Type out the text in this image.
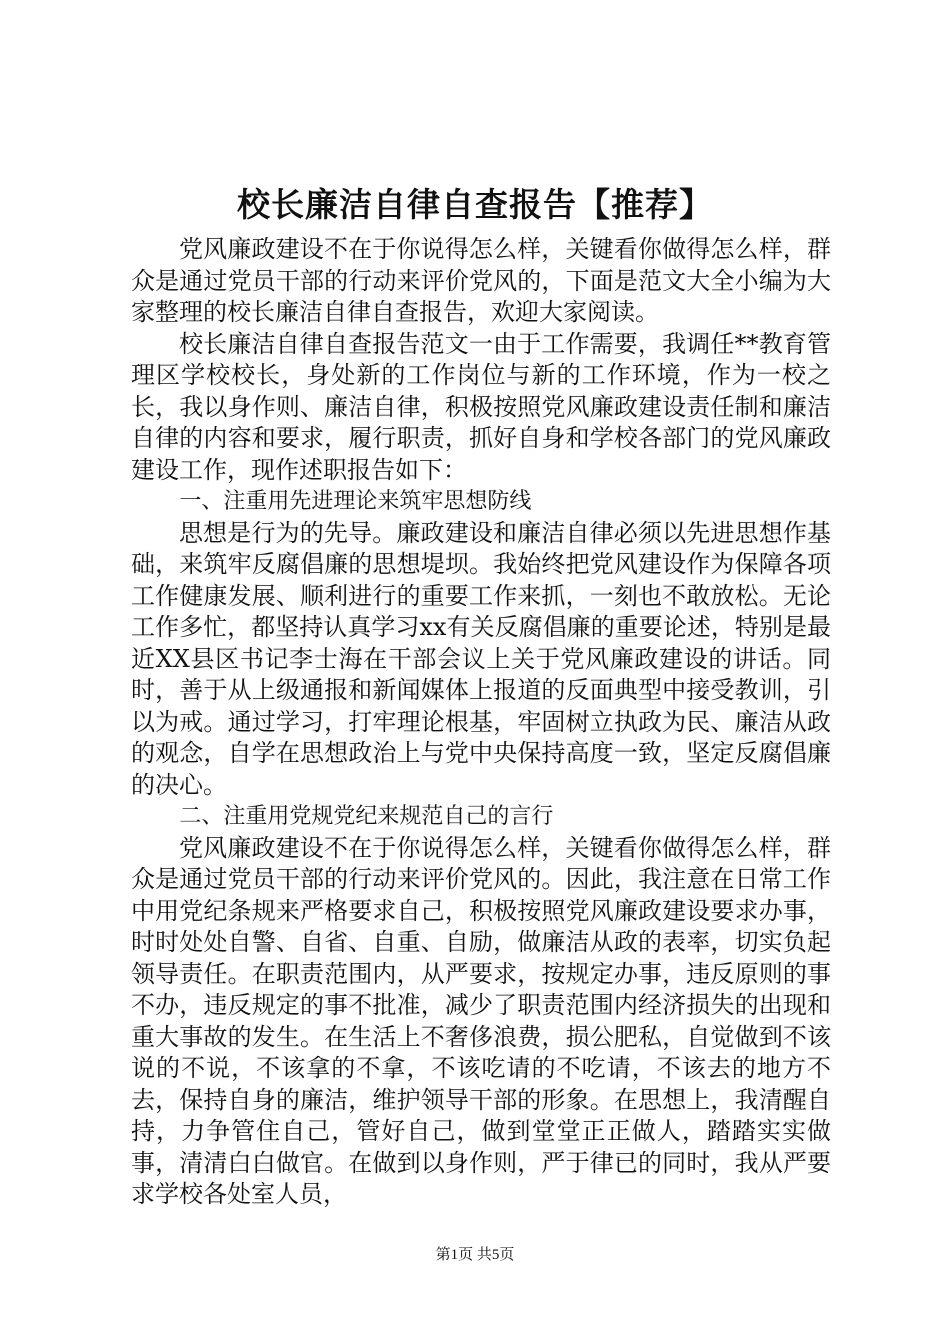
校长廉洁自律自查报告【推荐】

党风廉政建设不在于你说得怎么样，关键看你做得怎么样，群众是通过党员干部的行动来评价党风的，下面是范文大全小编为大家整理的校长廉洁自律自查报告，欢迎大家阅读。

校长廉洁自律自查报告范文一由于工作需要，我调任**教育管理区学校校长，身处新的工作岗位与新的工作环境，作为一校之长，我以身作则、廉洁自律，积极按照党风廉政建设责任制和廉洁自律的内容和要求，履行职责，抓好自身和学校各部门的党风廉政建设工作，现作述职报告如下：

一、注重用先进理论来筑牢思想防线

思想是行为的先导。廉政建设和廉洁自律必须以先进思想作基础，来筑牢反腐倡廉的思想堤坝。我始终把党风建设作为保障各项工作健康发展、顺利进行的重要工作来抓，一刻也不敢放松。无论工作多忙，都坚持认真学习xx有关反腐倡廉的重要论述，特别是最近XX县区书记李士海在干部会议上关于党风廉政建设的讲话。同时，善于从上级通报和新闻媒体上报道的反面典型中接受教训，引以为戒。通过学习，打牢理论根基，牢固树立执政为民、廉洁从政的观念，自学在思想政治上与党中央保持高度一致，坚定反腐倡廉的决心。

二、注重用党规党纪来规范自己的言行

党风廉政建设不在于你说得怎么样，关键看你做得怎么样，群众是通过党员干部的行动来评价党风的。因此，我注意在日常工作中用党纪条规来严格要求自己，积极按照党风廉政建设要求办事，时时处处自警、自省、自重、自励，做廉洁从政的表率，切实负起领导责任。在职责范围内，从严要求，按规定办事，违反原则的事不办，违反规定的事不批准，减少了职责范围内经济损失的出现和重大事故的发生。在生活上不奢侈浪费，损公肥私，自觉做到不该说的不说，不该拿的不拿，不该吃请的不吃请，不该去的地方不去，保持自身的廉洁，维护领导干部的形象。在思想上，我清醒自持，力争管住自己，管好自己，做到堂堂正正做人，踏踏实实做事，清清白白做官。在做到以身作则，严于律已的同时，我从严要求学校各处室人员，

第1页 共5页
